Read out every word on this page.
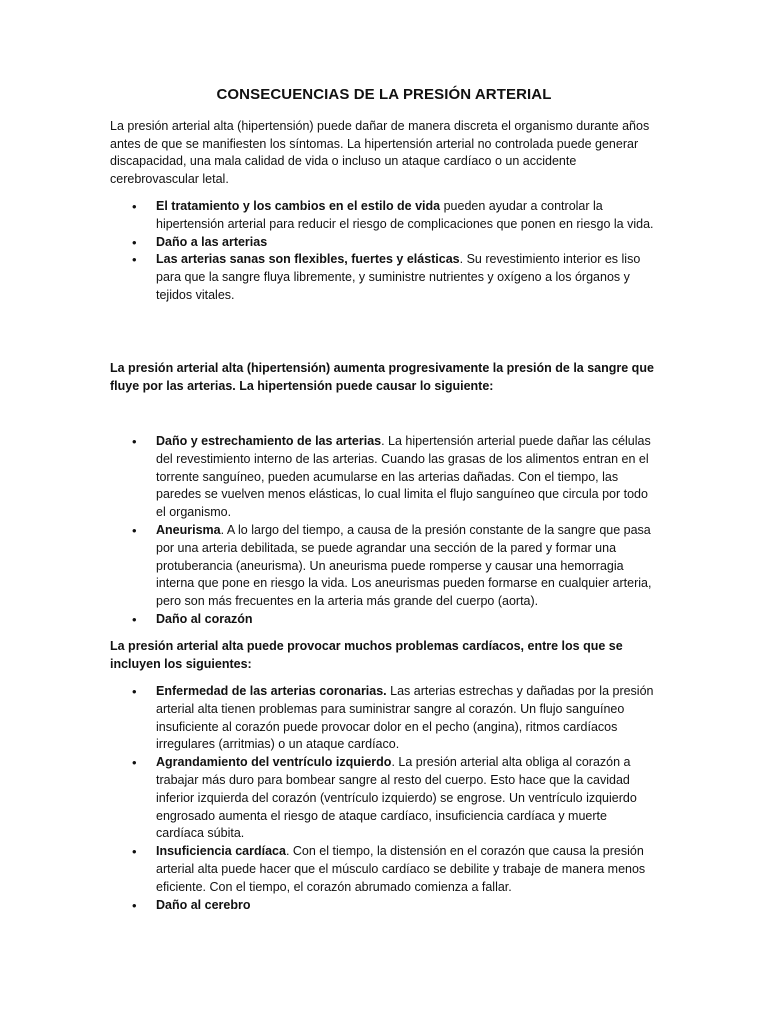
CONSECUENCIAS DE LA PRESIÓN ARTERIAL
La presión arterial alta (hipertensión) puede dañar de manera discreta el organismo durante años antes de que se manifiesten los síntomas. La hipertensión arterial no controlada puede generar discapacidad, una mala calidad de vida o incluso un ataque cardíaco o un accidente cerebrovascular letal.
• El tratamiento y los cambios en el estilo de vida pueden ayudar a controlar la hipertensión arterial para reducir el riesgo de complicaciones que ponen en riesgo la vida.
• Daño a las arterias
• Las arterias sanas son flexibles, fuertes y elásticas. Su revestimiento interior es liso para que la sangre fluya libremente, y suministre nutrientes y oxígeno a los órganos y tejidos vitales.
La presión arterial alta (hipertensión) aumenta progresivamente la presión de la sangre que fluye por las arterias. La hipertensión puede causar lo siguiente:
• Daño y estrechamiento de las arterias. La hipertensión arterial puede dañar las células del revestimiento interno de las arterias. Cuando las grasas de los alimentos entran en el torrente sanguíneo, pueden acumularse en las arterias dañadas. Con el tiempo, las paredes se vuelven menos elásticas, lo cual limita el flujo sanguíneo que circula por todo el organismo.
• Aneurisma. A lo largo del tiempo, a causa de la presión constante de la sangre que pasa por una arteria debilitada, se puede agrandar una sección de la pared y formar una protuberancia (aneurisma). Un aneurisma puede romperse y causar una hemorragia interna que pone en riesgo la vida. Los aneurismas pueden formarse en cualquier arteria, pero son más frecuentes en la arteria más grande del cuerpo (aorta).
• Daño al corazón
La presión arterial alta puede provocar muchos problemas cardíacos, entre los que se incluyen los siguientes:
• Enfermedad de las arterias coronarias. Las arterias estrechas y dañadas por la presión arterial alta tienen problemas para suministrar sangre al corazón. Un flujo sanguíneo insuficiente al corazón puede provocar dolor en el pecho (angina), ritmos cardíacos irregulares (arritmias) o un ataque cardíaco.
• Agrandamiento del ventrículo izquierdo. La presión arterial alta obliga al corazón a trabajar más duro para bombear sangre al resto del cuerpo. Esto hace que la cavidad inferior izquierda del corazón (ventrículo izquierdo) se engrose. Un ventrículo izquierdo engrosado aumenta el riesgo de ataque cardíaco, insuficiencia cardíaca y muerte cardíaca súbita.
• Insuficiencia cardíaca. Con el tiempo, la distensión en el corazón que causa la presión arterial alta puede hacer que el músculo cardíaco se debilite y trabaje de manera menos eficiente. Con el tiempo, el corazón abrumado comienza a fallar.
• Daño al cerebro
